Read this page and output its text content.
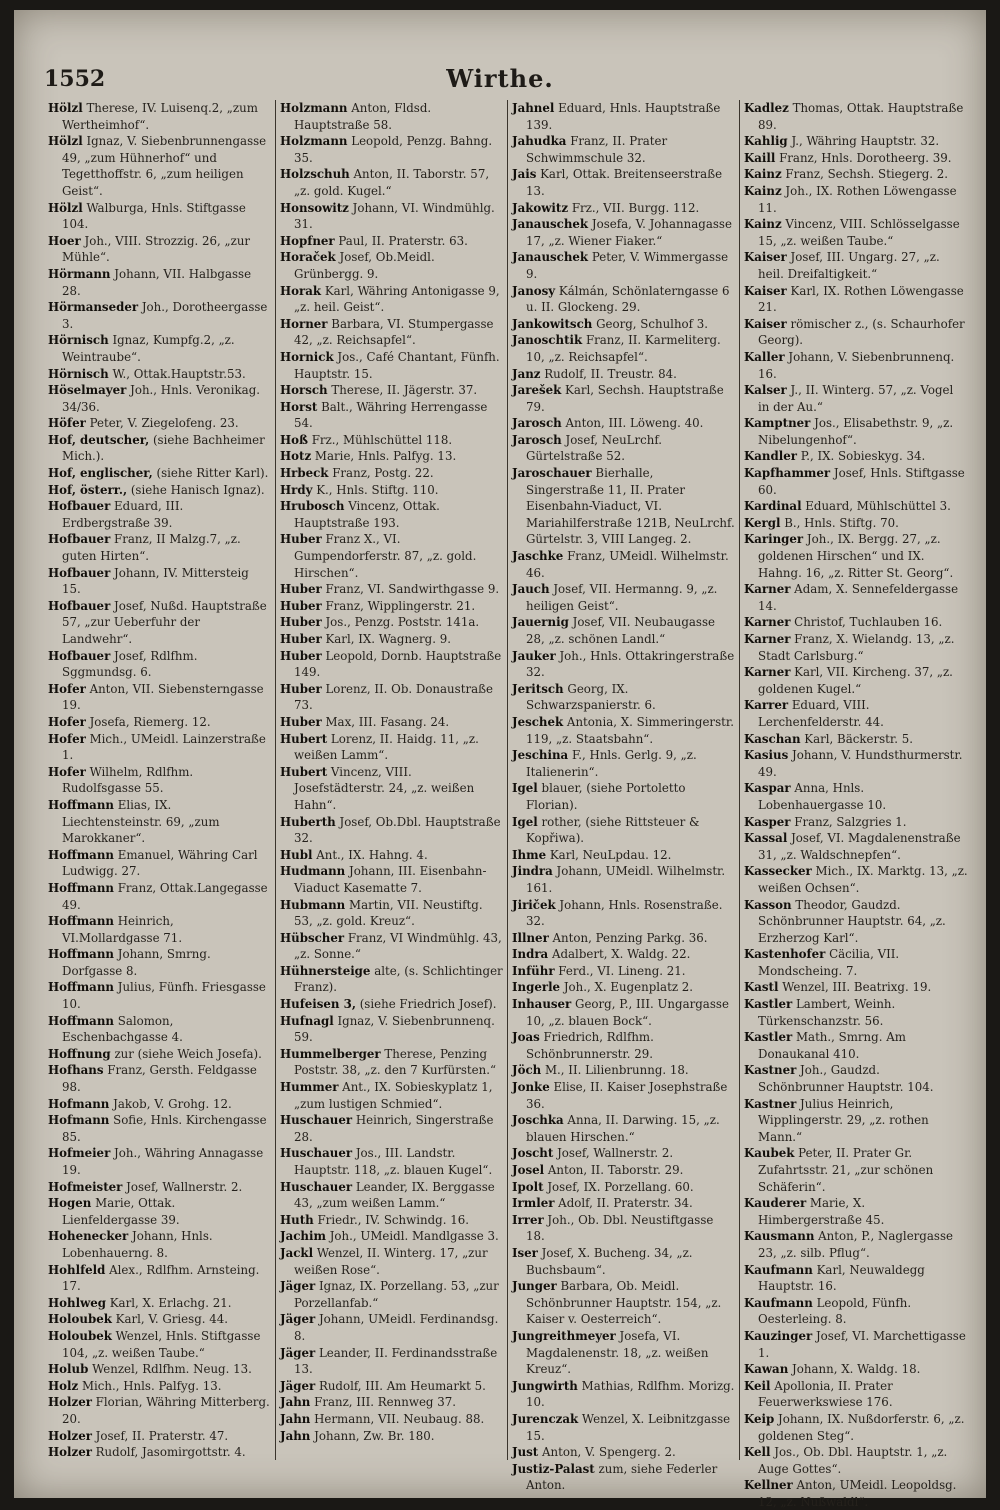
1552	Wirthe.
Hölzl Therese, IV. Luisenq.2, „zum Wertheimhof“.
Hölzl Ignaz, V. Siebenbrunnengasse 49, „zum Hühnerhof“ und Tegetthoffstr. 6, „zum heiligen Geist“.
Hölzl Walburga, Hnls. Stiftgasse 104.
Hoer Joh., VIII. Strozzig. 26, „zur Mühle“.
Hörmann Johann, VII. Halbgasse 28.
Hörmanseder Joh., Dorotheergasse 3.
Hörnisch Ignaz, Kumpfg.2, „z. Weintraube“.
Hörnisch W., Ottak.Hauptstr.53.
Höselmayer Joh., Hnls. Veronikag. 34/36.
Höfer Peter, V. Ziegelofeng. 23.
Hof, deutscher, (siehe Bachheimer Mich.).
Hof, englischer, (siehe Ritter Karl).
Hof, österr., (siehe Hanisch Ignaz).
Hofbauer Eduard, III. Erdbergstraße 39.
Hofbauer Franz, II Malzg.7, „z. guten Hirten“.
Hofbauer Johann, IV. Mittersteig 15.
Hofbauer Josef, Nußd. Hauptstraße 57, „zur Ueberfuhr der Landwehr“.
Hofbauer Josef, Rdlfhm. Sggmundsg. 6.
Hofer Anton, VII. Siebensterngasse 19.
Hofer Josefa, Riemerg. 12.
Hofer Mich., UMeidl. Lainzerstraße 1.
Hofer Wilhelm, Rdlfhm. Rudolfsgasse 55.
Hoffmann Elias, IX. Liechtensteinstr. 69, „zum Marokkaner“.
Hoffmann Emanuel, Währing Carl Ludwigg. 27.
Hoffmann Franz, Ottak.Langegasse 49.
Hoffmann Heinrich, VI.Mollardgasse 71.
Hoffmann Johann, Smrng. Dorfgasse 8.
Hoffmann Julius, Fünfh. Friesgasse 10.
Hoffmann Salomon, Eschenbachgasse 4.
Hoffnung zur (siehe Weich Josefa).
Hofhans Franz, Gersth. Feldgasse 98.
Hofmann Jakob, V. Grohg. 12.
Hofmann Sofie, Hnls. Kirchengasse 85.
Hofmeier Joh., Währing Annagasse 19.
Hofmeister Josef, Wallnerstr. 2.
Hogen Marie, Ottak. Lienfeldergasse 39.
Hohenecker Johann, Hnls. Lobenhauerng. 8.
Hohlfeld Alex., Rdlfhm. Arnsteing. 17.
Hohlweg Karl, X. Erlachg. 21.
Holoubek Karl, V. Griesg. 44.
Holoubek Wenzel, Hnls. Stiftgasse 104, „z. weißen Taube.“
Holub Wenzel, Rdlfhm. Neug. 13.
Holz Mich., Hnls. Palfyg. 13.
Holzer Florian, Währing Mitterberg. 20.
Holzer Josef, II. Praterstr. 47.
Holzer Rudolf, Jasomirgottstr. 4.
Holzmann Anton, Fldsd. Hauptstraße 58.
Holzmann Leopold, Penzg. Bahng. 35.
Holzschuh Anton, II. Taborstr. 57, „z. gold. Kugel.“
Honsowitz Johann, VI. Windmühlg. 31.
Hopfner Paul, II. Praterstr. 63.
Horaček Josef, Ob.Meidl. Grünbergg. 9.
Horak Karl, Währing Antonigasse 9, „z. heil. Geist“.
Horner Barbara, VI. Stumpergasse 42, „z. Reichsapfel“.
Hornick Jos., Café Chantant, Fünfh. Hauptstr. 15.
Horsch Therese, II. Jägerstr. 37.
Horst Balt., Währing Herrengasse 54.
Hoß Frz., Mühlschüttel 118.
Hotz Marie, Hnls. Palfyg. 13.
Hrbeck Franz, Postg. 22.
Hrdy K., Hnls. Stiftg. 110.
Hrubosch Vincenz, Ottak. Hauptstraße 193.
Huber Franz X., VI. Gumpendorferstr. 87, „z. gold. Hirschen“.
Huber Franz, VI. Sandwirthgasse 9.
Huber Franz, Wipplingerstr. 21.
Huber Jos., Penzg. Poststr. 141a.
Huber Karl, IX. Wagnerg. 9.
Huber Leopold, Dornb. Hauptstraße 149.
Huber Lorenz, II. Ob. Donaustraße 73.
Huber Max, III. Fasang. 24.
Hubert Lorenz, II. Haidg. 11, „z. weißen Lamm“.
Hubert Vincenz, VIII. Josefstädterstr. 24, „z. weißen Hahn“.
Huberth Josef, Ob.Dbl. Hauptstraße 32.
Hubl Ant., IX. Hahng. 4.
Hudmann Johann, III. Eisenbahn-Viaduct Kasematte 7.
Hubmann Martin, VII. Neustiftg. 53, „z. gold. Kreuz“.
Hübscher Franz, VI Windmühlg. 43, „z. Sonne.“
Hühnersteige alte, (s. Schlichtinger Franz).
Hufeisen 3, (siehe Friedrich Josef).
Hufnagl Ignaz, V. Siebenbrunnenq. 59.
Hummelberger Therese, Penzing Poststr. 38, „z. den 7 Kurfürsten.“
Hummer Ant., IX. Sobieskyplatz 1, „zum lustigen Schmied“.
Huschauer Heinrich, Singerstraße 28.
Huschauer Jos., III. Landstr. Hauptstr. 118, „z. blauen Kugel“.
Huschauer Leander, IX. Berggasse 43, „zum weißen Lamm.“
Huth Friedr., IV. Schwindg. 16.
Jachim Joh., UMeidl. Mandlgasse 3.
Jackl Wenzel, II. Winterg. 17, „zur weißen Rose“.
Jäger Ignaz, IX. Porzellang. 53, „zur Porzellanfab.“
Jäger Johann, UMeidl. Ferdinandsg. 8.
Jäger Leander, II. Ferdinandsstraße 13.
Jäger Rudolf, III. Am Heumarkt 5.
Jahn Franz, III. Rennweg 37.
Jahn Hermann, VII. Neubaug. 88.
Jahn Johann, Zw. Br. 180.
Jahnel Eduard, Hnls. Hauptstraße 139.
Jahudka Franz, II. Prater Schwimmschule 32.
Jais Karl, Ottak. Breitenseerstraße 13.
Jakowitz Frz., VII. Burgg. 112.
Janauschek Josefa, V. Johannagasse 17, „z. Wiener Fiaker.“
Janauschek Peter, V. Wimmergasse 9.
Janosy Kálmán, Schönlaterngasse 6 u. II. Glockeng. 29.
Jankowitsch Georg, Schulhof 3.
Janoschtik Franz, II. Karmeliterg. 10, „z. Reichsapfel“.
Janz Rudolf, II. Treustr. 84.
Jarešek Karl, Sechsh. Hauptstraße 79.
Jarosch Anton, III. Löweng. 40.
Jarosch Josef, NeuLrchf. Gürtelstraße 52.
Jaroschauer Bierhalle, Singerstraße 11, II. Prater Eisenbahn-Viaduct, VI. Mariahilferstraße 121B, NeuLrchf. Gürtelstr. 3, VIII Langeg. 2.
Jaschke Franz, UMeidl. Wilhelmstr. 46.
Jauch Josef, VII. Hermanng. 9, „z. heiligen Geist“.
Jauernig Josef, VII. Neubaugasse 28, „z. schönen Landl.“
Jauker Joh., Hnls. Ottakringerstraße 32.
Jeritsch Georg, IX. Schwarzspanierstr. 6.
Jeschek Antonia, X. Simmeringerstr. 119, „z. Staatsbahn“.
Jeschina F., Hnls. Gerlg. 9, „z. Italienerin“.
Igel blauer, (siehe Portoletto Florian).
Igel rother, (siehe Rittsteuer & Kopřiwa).
Ihme Karl, NeuLpdau. 12.
Jindra Johann, UMeidl. Wilhelmstr. 161.
Jiriček Johann, Hnls. Rosenstraße. 32.
Illner Anton, Penzing Parkg. 36.
Indra Adalbert, X. Waldg. 22.
Inführ Ferd., VI. Lineng. 21.
Ingerle Joh., X. Eugenplatz 2.
Inhauser Georg, P., III. Ungargasse 10, „z. blauen Bock“.
Joas Friedrich, Rdlfhm. Schönbrunnerstr. 29.
Jöch M., II. Lilienbrunng. 18.
Jonke Elise, II. Kaiser Josephstraße 36.
Joschka Anna, II. Darwing. 15, „z. blauen Hirschen.“
Joscht Josef, Wallnerstr. 2.
Josel Anton, II. Taborstr. 29.
Ipolt Josef, IX. Porzellang. 60.
Irmler Adolf, II. Praterstr. 34.
Irrer Joh., Ob. Dbl. Neustiftgasse 18.
Iser Josef, X. Bucheng. 34, „z. Buchsbaum“.
Junger Barbara, Ob. Meidl. Schönbrunner Hauptstr. 154, „z. Kaiser v. Oesterreich“.
Jungreithmeyer Josefa, VI. Magdalenenstr. 18, „z. weißen Kreuz“.
Jungwirth Mathias, Rdlfhm. Morizg. 10.
Jurenczak Wenzel, X. Leibnitzgasse 15.
Just Anton, V. Spengerg. 2.
Justiz-Palast zum, siehe Federler Anton.
Kadlez Thomas, Ottak. Hauptstraße 89.
Kahlig J., Währing Hauptstr. 32.
Kaill Franz, Hnls. Dorotheerg. 39.
Kainz Franz, Sechsh. Stiegerg. 2.
Kainz Joh., IX. Rothen Löwengasse 11.
Kainz Vincenz, VIII. Schlösselgasse 15, „z. weißen Taube.“
Kaiser Josef, III. Ungarg. 27, „z. heil. Dreifaltigkeit.“
Kaiser Karl, IX. Rothen Löwengasse 21.
Kaiser römischer z., (s. Schaurhofer Georg).
Kaller Johann, V. Siebenbrunnenq. 16.
Kalser J., II. Winterg. 57, „z. Vogel in der Au.“
Kamptner Jos., Elisabethstr. 9, „z. Nibelungenhof“.
Kandler P., IX. Sobieskyg. 34.
Kapfhammer Josef, Hnls. Stiftgasse 60.
Kardinal Eduard, Mühlschüttel 3.
Kergl B., Hnls. Stiftg. 70.
Karinger Joh., IX. Bergg. 27, „z. goldenen Hirschen“ und IX. Hahng. 16, „z. Ritter St. Georg“.
Karner Adam, X. Sennefeldergasse 14.
Karner Christof, Tuchlauben 16.
Karner Franz, X. Wielandg. 13, „z. Stadt Carlsburg.“
Karner Karl, VII. Kircheng. 37, „z. goldenen Kugel.“
Karrer Eduard, VIII. Lerchenfelderstr. 44.
Kaschan Karl, Bäckerstr. 5.
Kasius Johann, V. Hundsthurmerstr. 49.
Kaspar Anna, Hnls. Lobenhauergasse 10.
Kasper Franz, Salzgries 1.
Kassal Josef, VI. Magdalenenstraße 31, „z. Waldschnepfen“.
Kassecker Mich., IX. Marktg. 13, „z. weißen Ochsen“.
Kasson Theodor, Gaudzd. Schönbrunner Hauptstr. 64, „z. Erzherzog Karl“.
Kastenhofer Cäcilia, VII. Mondscheing. 7.
Kastl Wenzel, III. Beatrixg. 19.
Kastler Lambert, Weinh. Türkenschanzstr. 56.
Kastler Math., Smrng. Am Donaukanal 410.
Kastner Joh., Gaudzd. Schönbrunner Hauptstr. 104.
Kastner Julius Heinrich, Wipplingerstr. 29, „z. rothen Mann.“
Kaubek Peter, II. Prater Gr. Zufahrtsstr. 21, „zur schönen Schäferin“.
Kauderer Marie, X. Himbergerstraße 45.
Kausmann Anton, P., Naglergasse 23, „z. silb. Pflug“.
Kaufmann Karl, Neuwaldegg Hauptstr. 16.
Kaufmann Leopold, Fünfh. Oesterleing. 8.
Kauzinger Josef, VI. Marchettigasse 1.
Kawan Johann, X. Waldg. 18.
Keil Apollonia, II. Prater Feuerwerkswiese 176.
Keip Johann, IX. Nußdorferstr. 6, „z. goldenen Steg“.
Kell Jos., Ob. Dbl. Hauptstr. 1, „z. Auge Gottes“.
Kellner Anton, UMeidl. Leopoldsg. 12, „z. Nußwaldl“.
